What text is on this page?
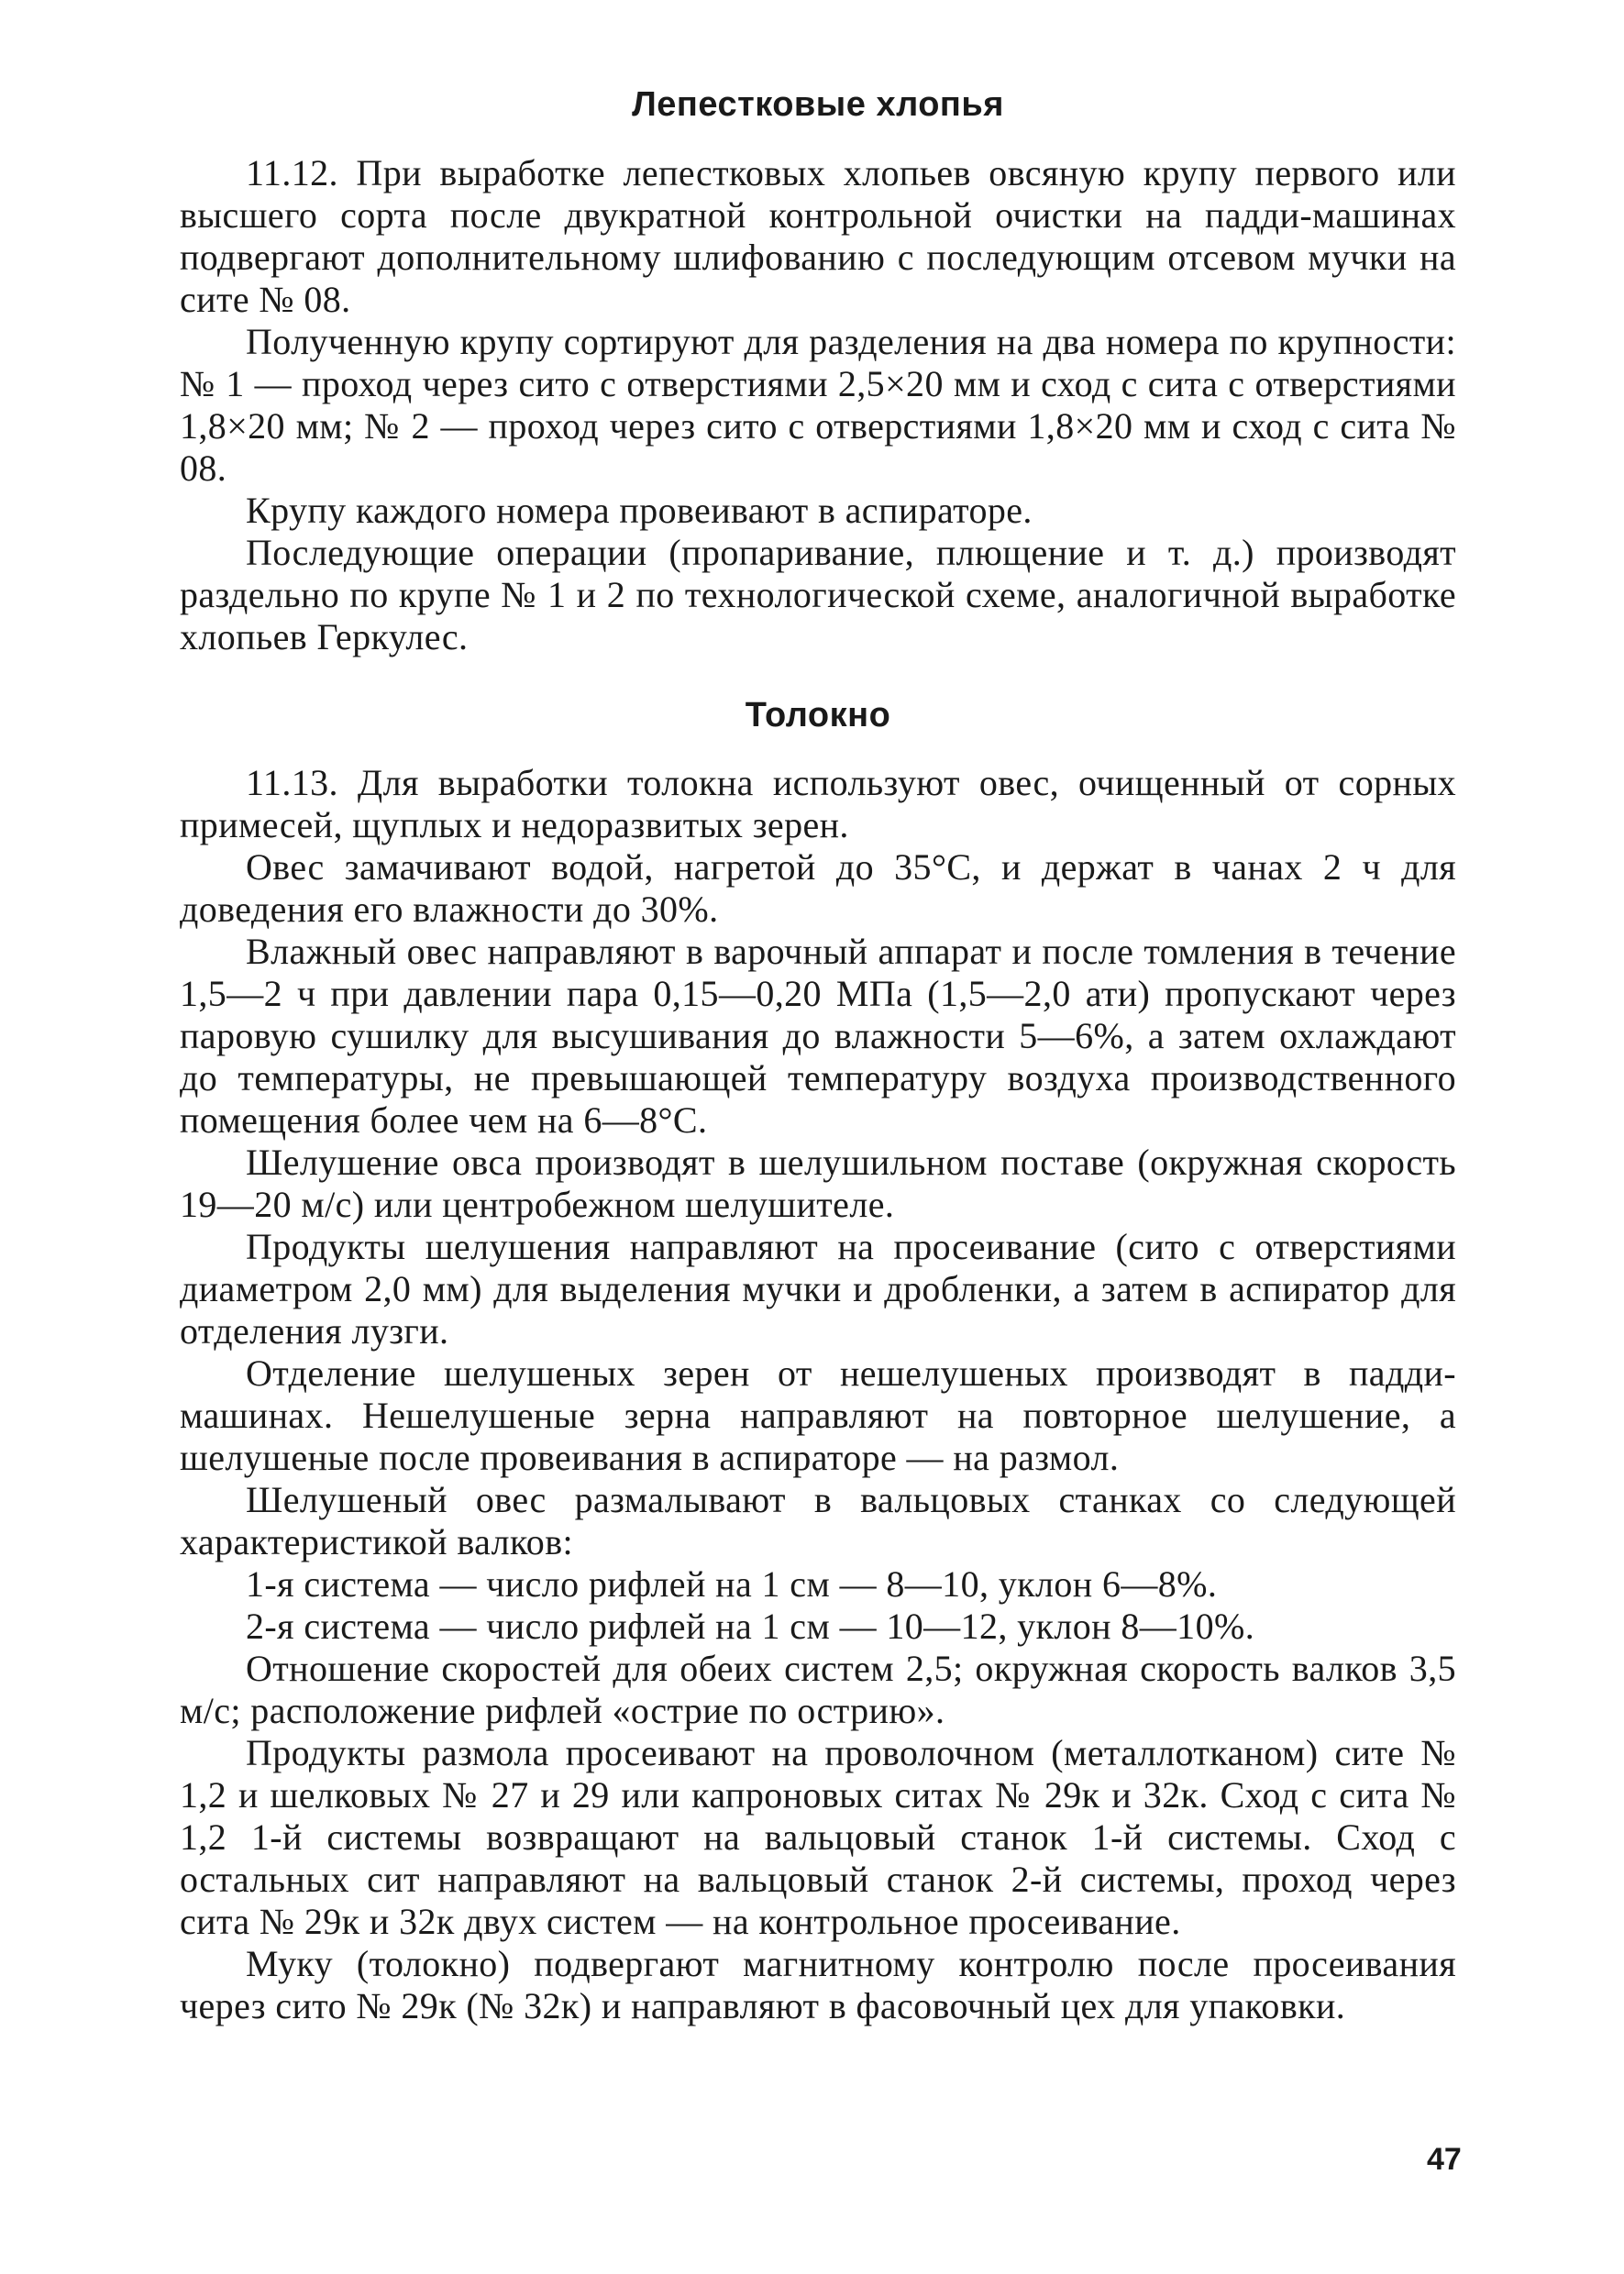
Лепестковые хлопья

11.12. При выработке лепестковых хлопьев овсяную крупу первого или высшего сорта после двукратной контрольной очистки на падди-машинах подвергают дополнительному шлифованию с последующим отсевом мучки на сите № 08.

Полученную крупу сортируют для разделения на два номера по крупности: № 1 — проход через сито с отверстиями 2,5×20 мм и сход с сита с отверстиями 1,8×20 мм; № 2 — проход через сито с отверстиями 1,8×20 мм и сход с сита № 08.

Крупу каждого номера провеивают в аспираторе.

Последующие операции (пропаривание, плющение и т. д.) производят раздельно по крупе № 1 и 2 по технологической схеме, аналогичной выработке хлопьев Геркулес.

Толокно

11.13. Для выработки толокна используют овес, очищенный от сорных примесей, щуплых и недоразвитых зерен.

Овес замачивают водой, нагретой до 35°С, и держат в чанах 2 ч для доведения его влажности до 30%.

Влажный овес направляют в варочный аппарат и после томления в течение 1,5—2 ч при давлении пара 0,15—0,20 МПа (1,5—2,0 ати) пропускают через паровую сушилку для высушивания до влажности 5—6%, а затем охлаждают до температуры, не превышающей температуру воздуха производственного помещения более чем на 6—8°С.

Шелушение овса производят в шелушильном поставе (окружная скорость 19—20 м/с) или центробежном шелушителе.

Продукты шелушения направляют на просеивание (сито с отверстиями диаметром 2,0 мм) для выделения мучки и дробленки, а затем в аспиратор для отделения лузги.

Отделение шелушеных зерен от нешелушеных производят в падди-машинах. Нешелушеные зерна направляют на повторное шелушение, а шелушеные после провеивания в аспираторе — на размол.

Шелушеный овес размалывают в вальцовых станках со следующей характеристикой валков:

1-я система — число рифлей на 1 см — 8—10, уклон 6—8%.

2-я система — число рифлей на 1 см — 10—12, уклон 8—10%.

Отношение скоростей для обеих систем 2,5; окружная скорость валков 3,5 м/с; расположение рифлей «острие по острию».

Продукты размола просеивают на проволочном (металлотканом) сите № 1,2 и шелковых № 27 и 29 или капроновых ситах № 29к и 32к. Сход с сита № 1,2 1-й системы возвращают на вальцовый станок 1-й системы. Сход с остальных сит направляют на вальцовый станок 2-й системы, проход через сита № 29к и 32к двух систем — на контрольное просеивание.

Муку (толокно) подвергают магнитному контролю после просеивания через сито № 29к (№ 32к) и направляют в фасовочный цех для упаковки.

47
